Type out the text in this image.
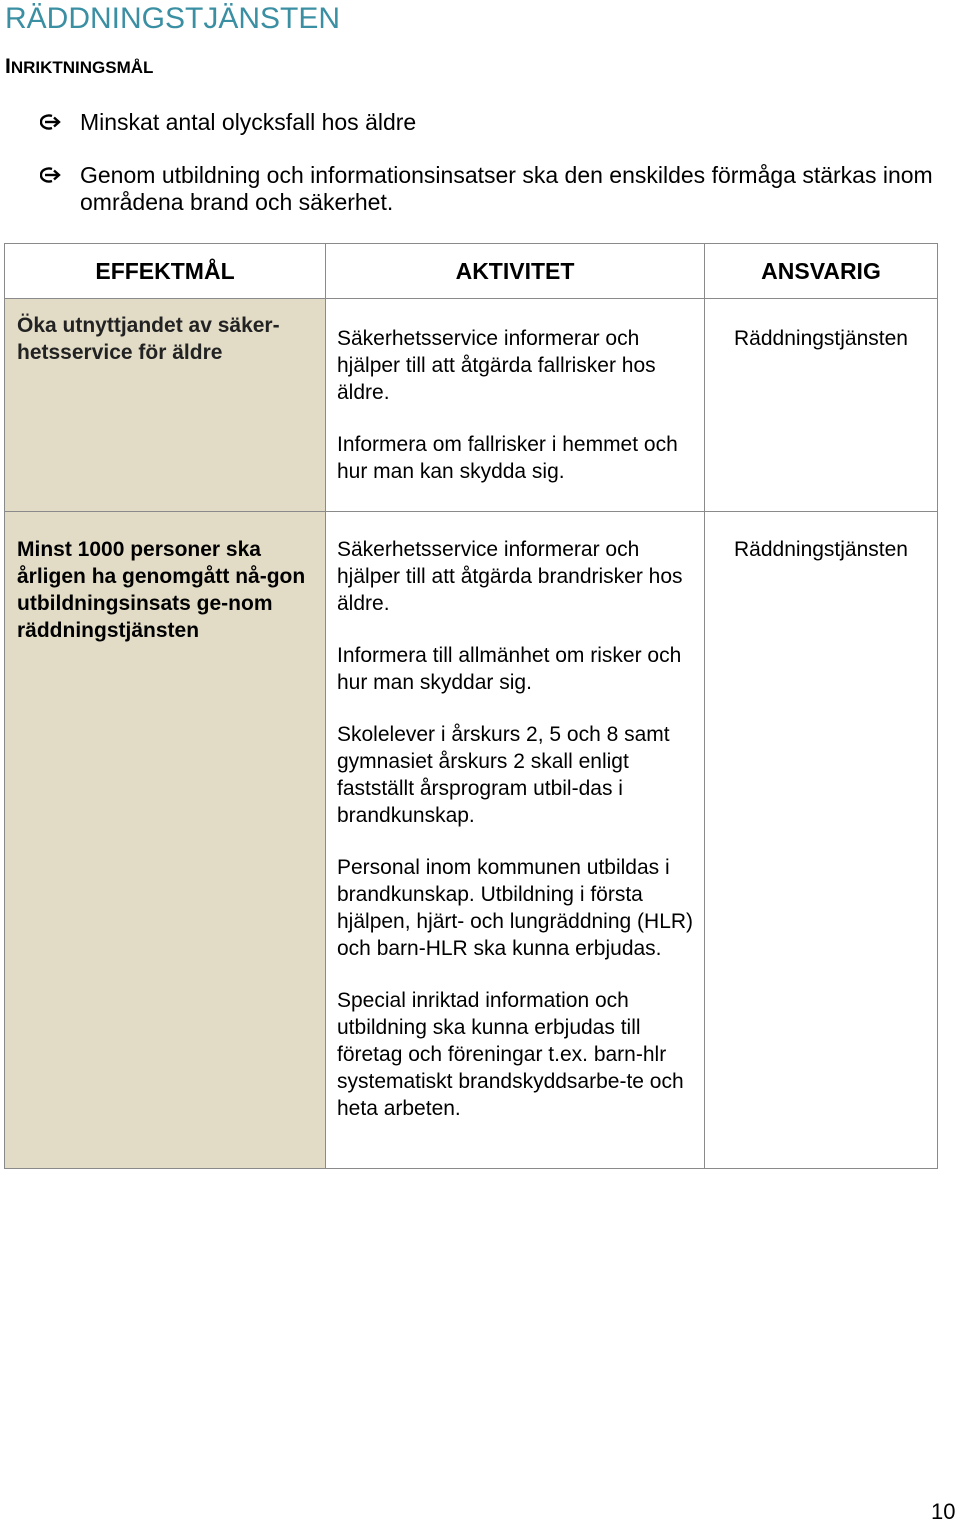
RÄDDNINGSTJÄNSTEN
INRIKTNINGSMÅL
Minskat antal olycksfall hos äldre
Genom utbildning och informationsinsatser ska den enskildes förmåga stärkas inom områdena brand och säkerhet.
EFFEKTMÅL	AKTIVITET	ANSVARIG
Öka utnyttjandet av säker-hetsservice för äldre	Säkerhetsservice informerar och hjälper till att åtgärda fallrisker hos äldre.

Informera om fallrisker i hemmet och hur man kan skydda sig.	Räddningstjänsten
Minst 1000 personer ska årligen ha genomgått nå-gon utbildningsinsats ge-nom räddningstjänsten	Säkerhetsservice informerar och hjälper till att åtgärda brandrisker hos äldre.

Informera till allmänhet om risker och hur man skyddar sig.

Skolelever i årskurs 2, 5 och 8 samt gymnasiet årskurs 2 skall enligt fastställt årsprogram utbil-das i brandkunskap.

Personal inom kommunen utbildas i brandkunskap. Utbildning i första hjälpen, hjärt- och lungräddning (HLR) och barn-HLR ska kunna erbjudas.

Special inriktad information och utbildning ska kunna erbjudas till företag och föreningar t.ex. barn-hlr systematiskt brandskyddsarbe-te och heta arbeten.	Räddningstjänsten
10
